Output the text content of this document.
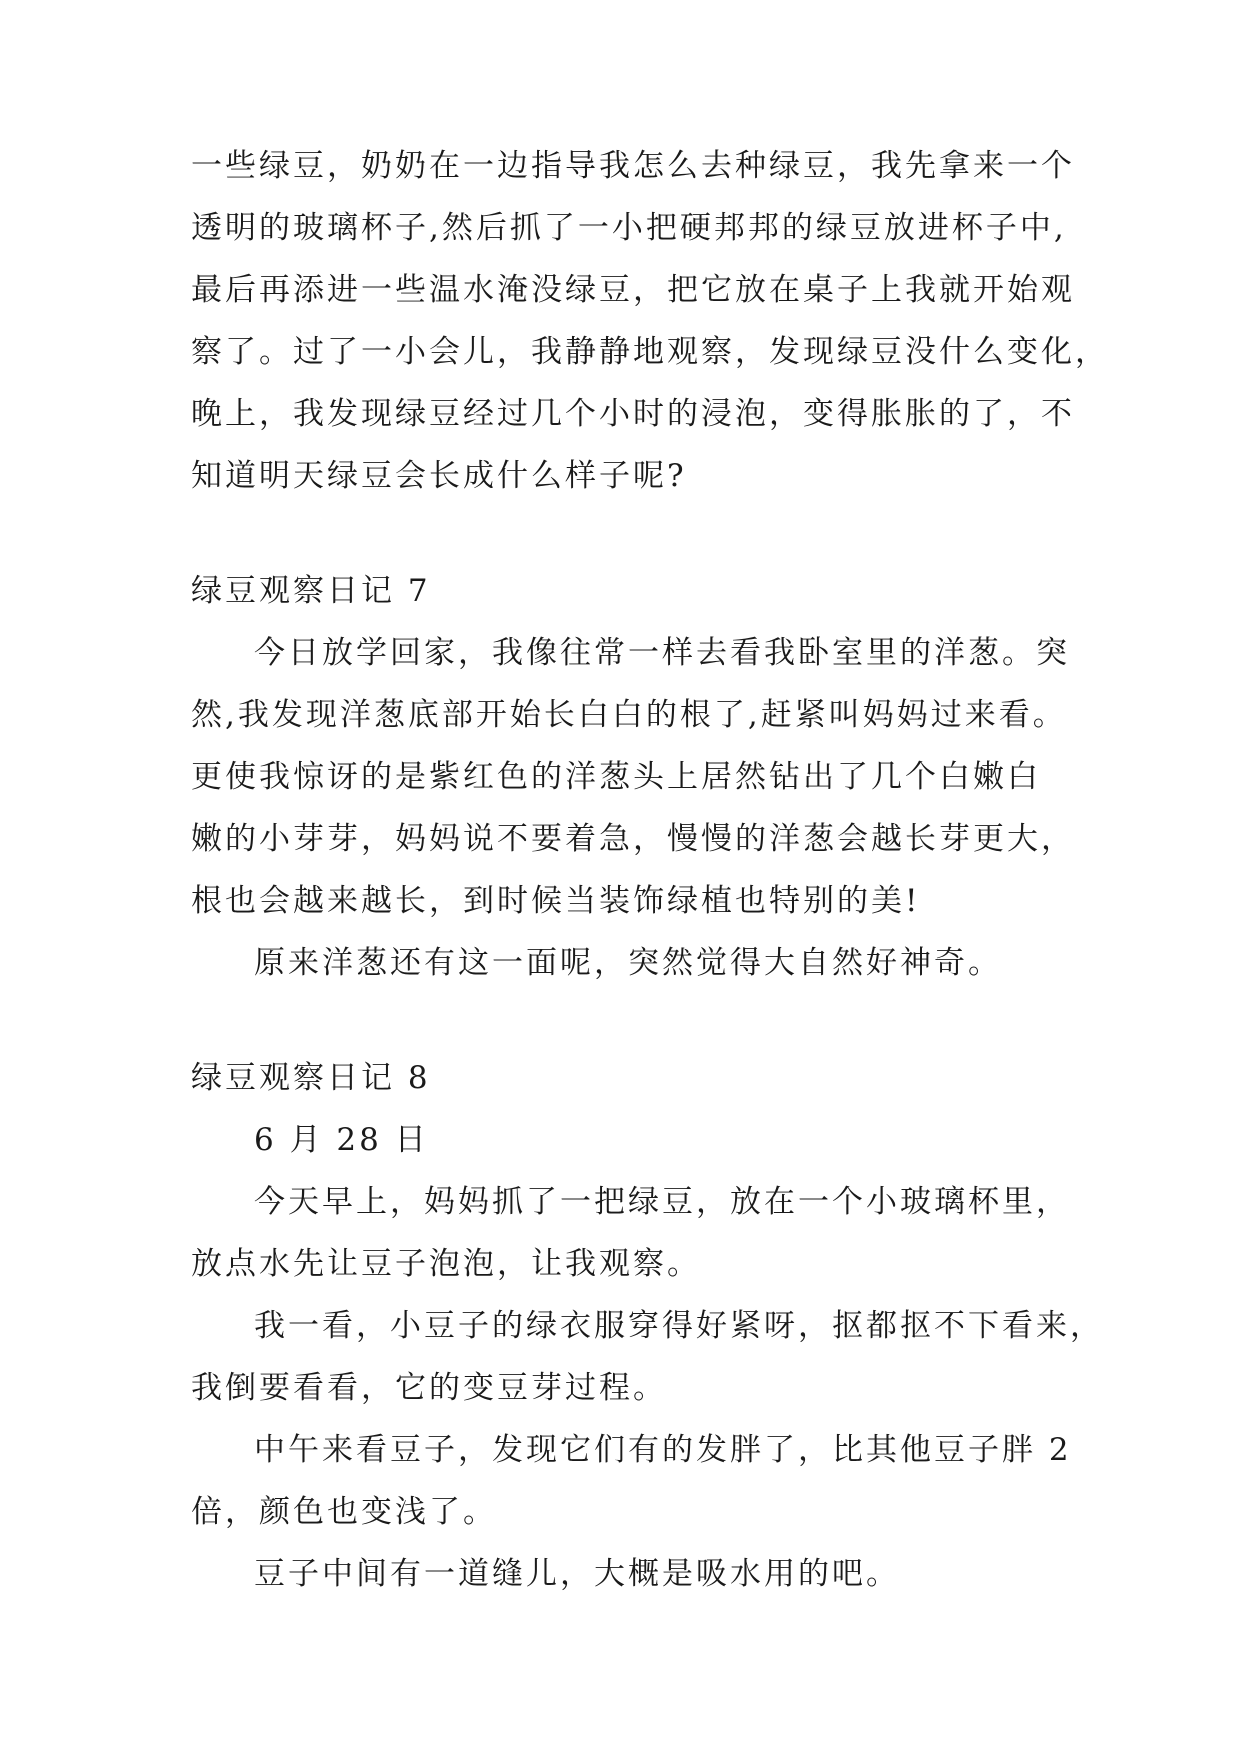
一些绿豆，奶奶在一边指导我怎么去种绿豆，我先拿来一个
透明的玻璃杯子,然后抓了一小把硬邦邦的绿豆放进杯子中,
最后再添进一些温水淹没绿豆，把它放在桌子上我就开始观
察了。过了一小会儿，我静静地观察，发现绿豆没什么变化，
晚上，我发现绿豆经过几个小时的浸泡，变得胀胀的了，不
知道明天绿豆会长成什么样子呢?
绿豆观察日记 7
今日放学回家，我像往常一样去看我卧室里的洋葱。突
然,我发现洋葱底部开始长白白的根了,赶紧叫妈妈过来看。
更使我惊讶的是紫红色的洋葱头上居然钻出了几个白嫩白
嫩的小芽芽，妈妈说不要着急，慢慢的洋葱会越长芽更大，
根也会越来越长，到时候当装饰绿植也特别的美!
原来洋葱还有这一面呢，突然觉得大自然好神奇。
绿豆观察日记 8
6 月 28 日
今天早上，妈妈抓了一把绿豆，放在一个小玻璃杯里，
放点水先让豆子泡泡，让我观察。
我一看，小豆子的绿衣服穿得好紧呀，抠都抠不下看来，
我倒要看看，它的变豆芽过程。
中午来看豆子，发现它们有的发胖了，比其他豆子胖 2
倍，颜色也变浅了。
豆子中间有一道缝儿，大概是吸水用的吧。
